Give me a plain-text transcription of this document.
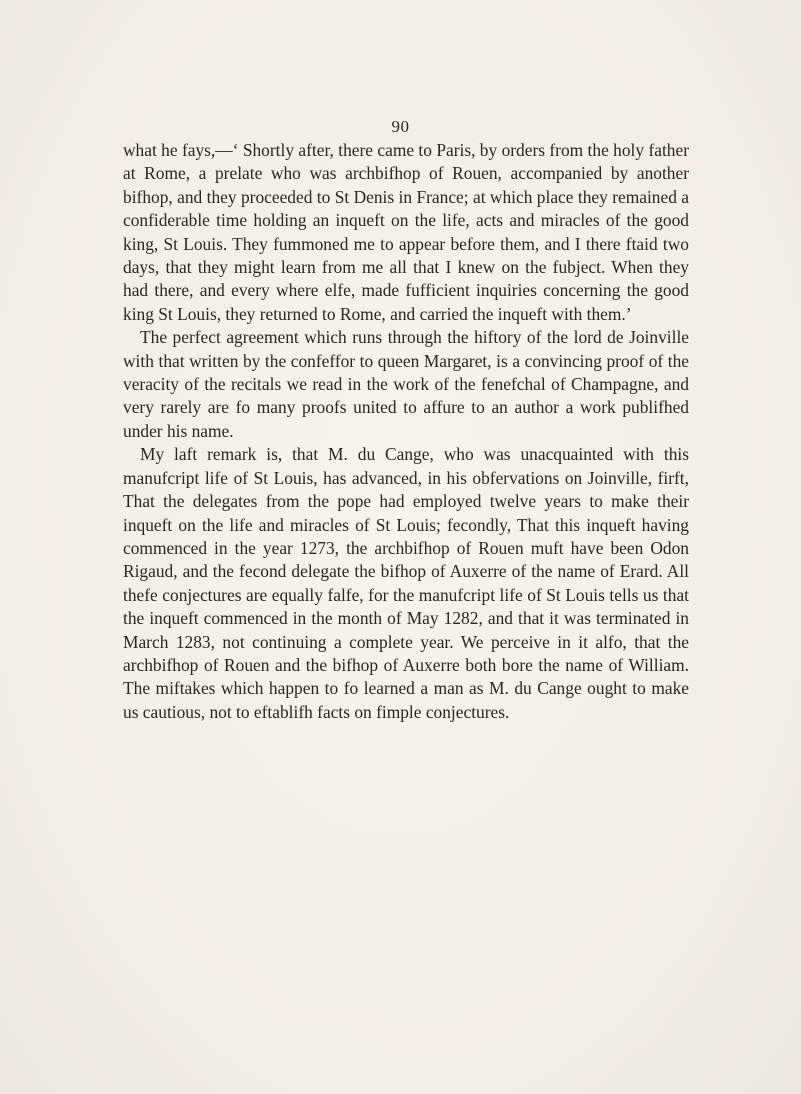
90

what he fays,—‘ Shortly after, there came to Paris, by orders from the holy father at Rome, a prelate who was archbifhop of Rouen, accompanied by another bifhop, and they proceeded to St Denis in France; at which place they remained a confiderable time holding an inqueft on the life, acts and miracles of the good king, St Louis. They fummoned me to appear before them, and I there ftaid two days, that they might learn from me all that I knew on the fubject. When they had there, and every where elfe, made fufficient inquiries concerning the good king St Louis, they returned to Rome, and carried the inqueft with them.’

The perfect agreement which runs through the hiftory of the lord de Joinville with that written by the confeffor to queen Margaret, is a convincing proof of the veracity of the recitals we read in the work of the fenefchal of Champagne, and very rarely are fo many proofs united to affure to an author a work publifhed under his name.

My laft remark is, that M. du Cange, who was unacquainted with this manufcript life of St Louis, has advanced, in his obfervations on Joinville, firft, That the delegates from the pope had employed twelve years to make their inqueft on the life and miracles of St Louis; fecondly, That this inqueft having commenced in the year 1273, the archbifhop of Rouen muft have been Odon Rigaud, and the fecond delegate the bifhop of Auxerre of the name of Erard. All thefe conjectures are equally falfe, for the manufcript life of St Louis tells us that the inqueft commenced in the month of May 1282, and that it was terminated in March 1283, not continuing a complete year. We perceive in it alfo, that the archbifhop of Rouen and the bifhop of Auxerre both bore the name of William. The miftakes which happen to fo learned a man as M. du Cange ought to make us cautious, not to eftablifh facts on fimple conjectures.
